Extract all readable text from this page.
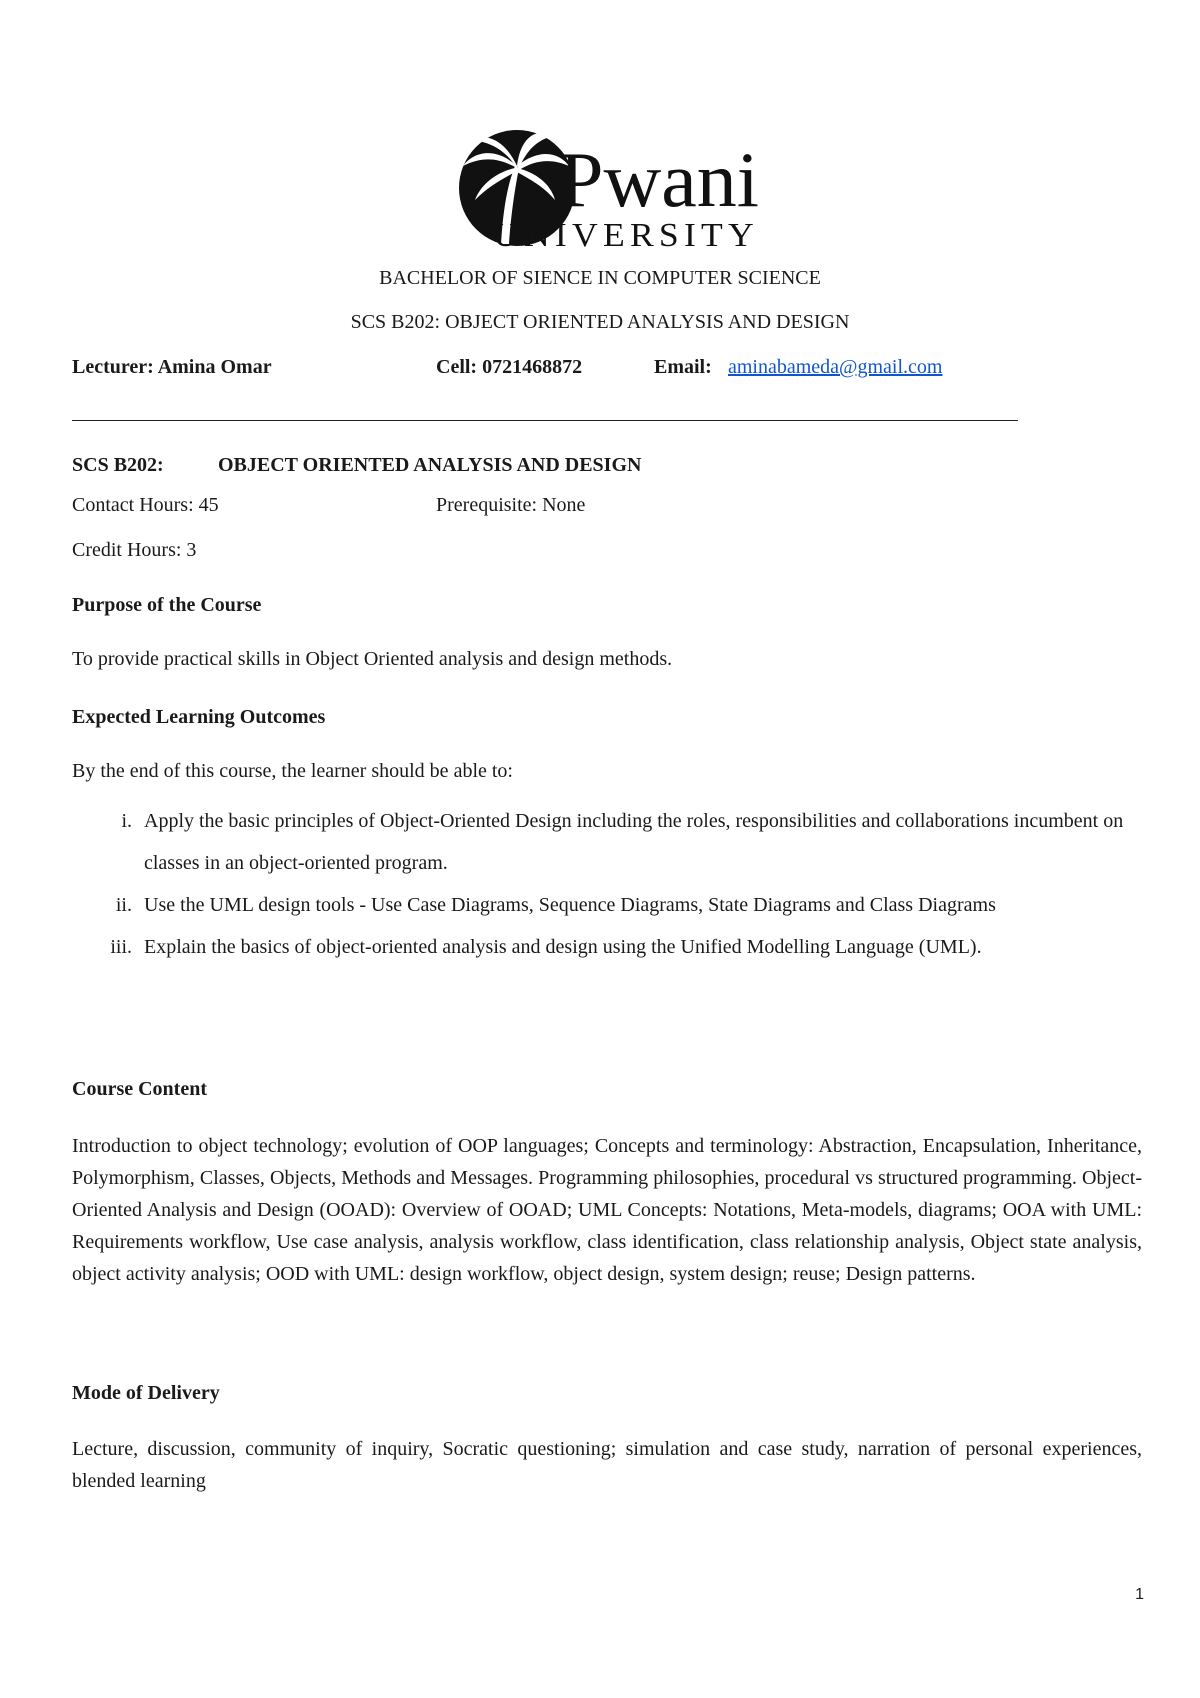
Pwani
UNIVERSITY
BACHELOR OF SIENCE IN COMPUTER SCIENCE
SCS B202: OBJECT ORIENTED ANALYSIS AND DESIGN
Lecturer: Amina Omar	Cell: 0721468872	Email: aminabameda@gmail.com
SCS B202:	OBJECT ORIENTED ANALYSIS AND DESIGN
Contact Hours: 45	Prerequisite: None
Credit Hours: 3
Purpose of the Course
To provide practical skills in Object Oriented analysis and design methods.
Expected Learning Outcomes
By the end of this course, the learner should be able to:
i. Apply the basic principles of Object-Oriented Design including the roles, responsibilities and collaborations incumbent on classes in an object-oriented program.
ii. Use the UML design tools - Use Case Diagrams, Sequence Diagrams, State Diagrams and Class Diagrams
iii. Explain the basics of object-oriented analysis and design using the Unified Modelling Language (UML).
Course Content
Introduction to object technology; evolution of OOP languages; Concepts and terminology: Abstraction, Encapsulation, Inheritance, Polymorphism, Classes, Objects, Methods and Messages. Programming philosophies, procedural vs structured programming. Object-Oriented Analysis and Design (OOAD): Overview of OOAD; UML Concepts: Notations, Meta-models, diagrams; OOA with UML: Requirements workflow, Use case analysis, analysis workflow, class identification, class relationship analysis, Object state analysis, object activity analysis; OOD with UML: design workflow, object design, system design; reuse; Design patterns.
Mode of Delivery
Lecture, discussion, community of inquiry, Socratic questioning; simulation and case study, narration of personal experiences, blended learning
1
